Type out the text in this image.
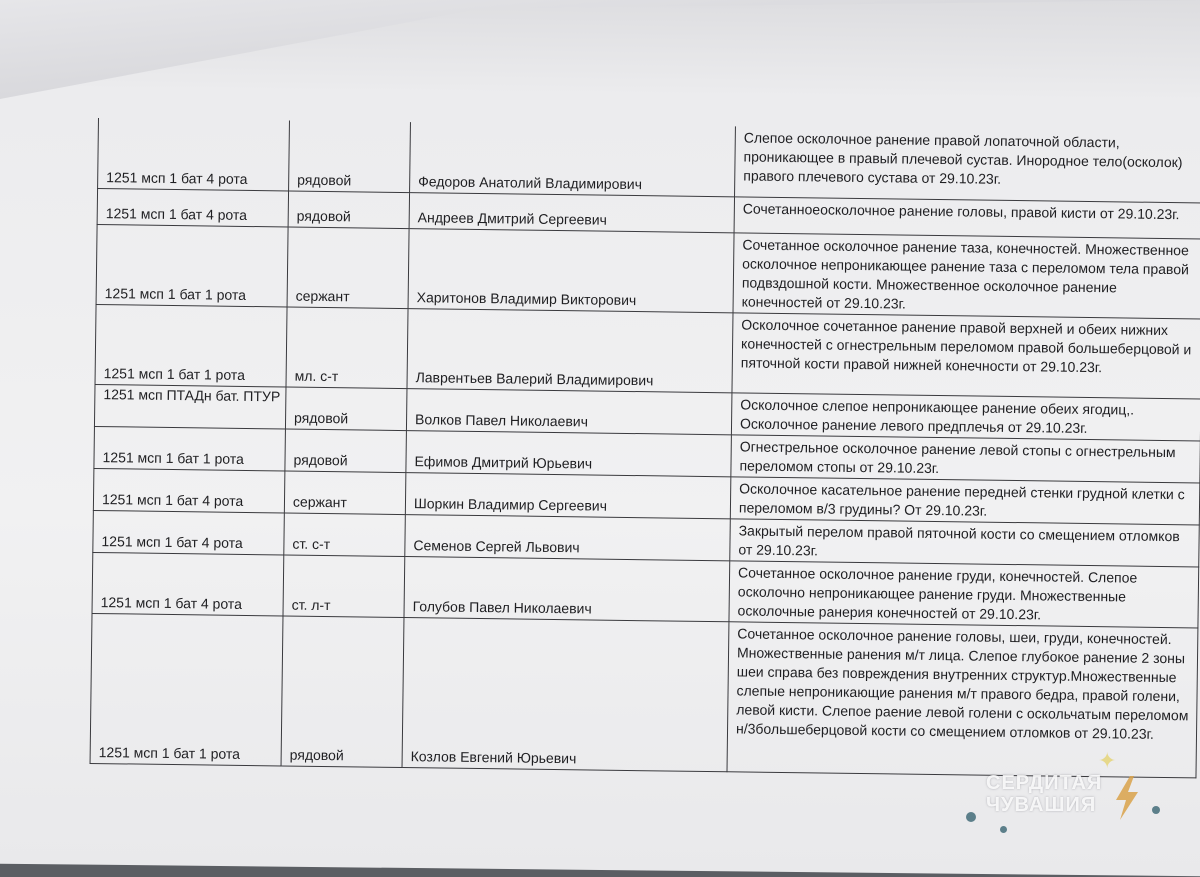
1251 мсп 1 бат 4 рота	рядовой	Федоров Анатолий Владимирович	Слепое осколочное ранение правой лопаточной области, проникающее в правый плечевой сустав. Инородное тело(осколок) правого плечевого сустава от 29.10.23г.
1251 мсп 1 бат 4 рота	рядовой	Андреев Дмитрий Сергеевич	Сочетанноеосколочное ранение головы, правой кисти от 29.10.23г.
1251 мсп 1 бат 1 рота	сержант	Харитонов Владимир Викторович	Сочетанное осколочное ранение таза, конечностей. Множественное осколочное непроникающее ранение таза с переломом тела правой подвздошной кости. Множественное осколочное ранение конечностей от 29.10.23г.
1251 мсп 1 бат 1 рота	мл. с-т	Лаврентьев Валерий Владимирович	Осколочное сочетанное ранение правой верхней и обеих нижних конечностей с огнестрельным переломом правой большеберцовой и пяточной кости правой нижней конечности от 29.10.23г.
1251 мсп ПТАДн бат. ПТУР	рядовой	Волков Павел Николаевич	Осколочное слепое непроникающее ранение обеих ягодиц,. Осколочное ранение левого предплечья от 29.10.23г.
1251 мсп 1 бат 1 рота	рядовой	Ефимов Дмитрий Юрьевич	Огнестрельное осколочное ранение левой стопы с огнестрельным переломом стопы от 29.10.23г.
1251 мсп 1 бат 4 рота	сержант	Шоркин Владимир Сергеевич	Осколочное касательное ранение передней стенки грудной клетки с переломом в/3 грудины? От 29.10.23г.
1251 мсп 1 бат 4 рота	ст. с-т	Семенов Сергей Львович	Закрытый перелом правой пяточной кости со смещением отломков от 29.10.23г.
1251 мсп 1 бат 4 рота	ст. л-т	Голубов Павел Николаевич	Сочетанное осколочное ранение груди, конечностей. Слепое осколочно непроникающее ранение груди. Множественные осколочные ранерия конечностей от 29.10.23г.
1251 мсп 1 бат 1 рота	рядовой	Козлов Евгений Юрьевич	Сочетанное осколочное ранение головы, шеи, груди, конечностей. Множественные ранения м/т лица. Слепое глубокое ранение 2 зоны шеи справа без повреждения внутренних структур.Множественные слепые непроникающие ранения м/т правого бедра, правой голени, левой кисти. Слепое раение левой голени с оскольчатым переломом н/3большеберцовой кости со смещением отломков от 29.10.23г.
✦
СЕРДИТАЯ
ЧУВАШИЯ
